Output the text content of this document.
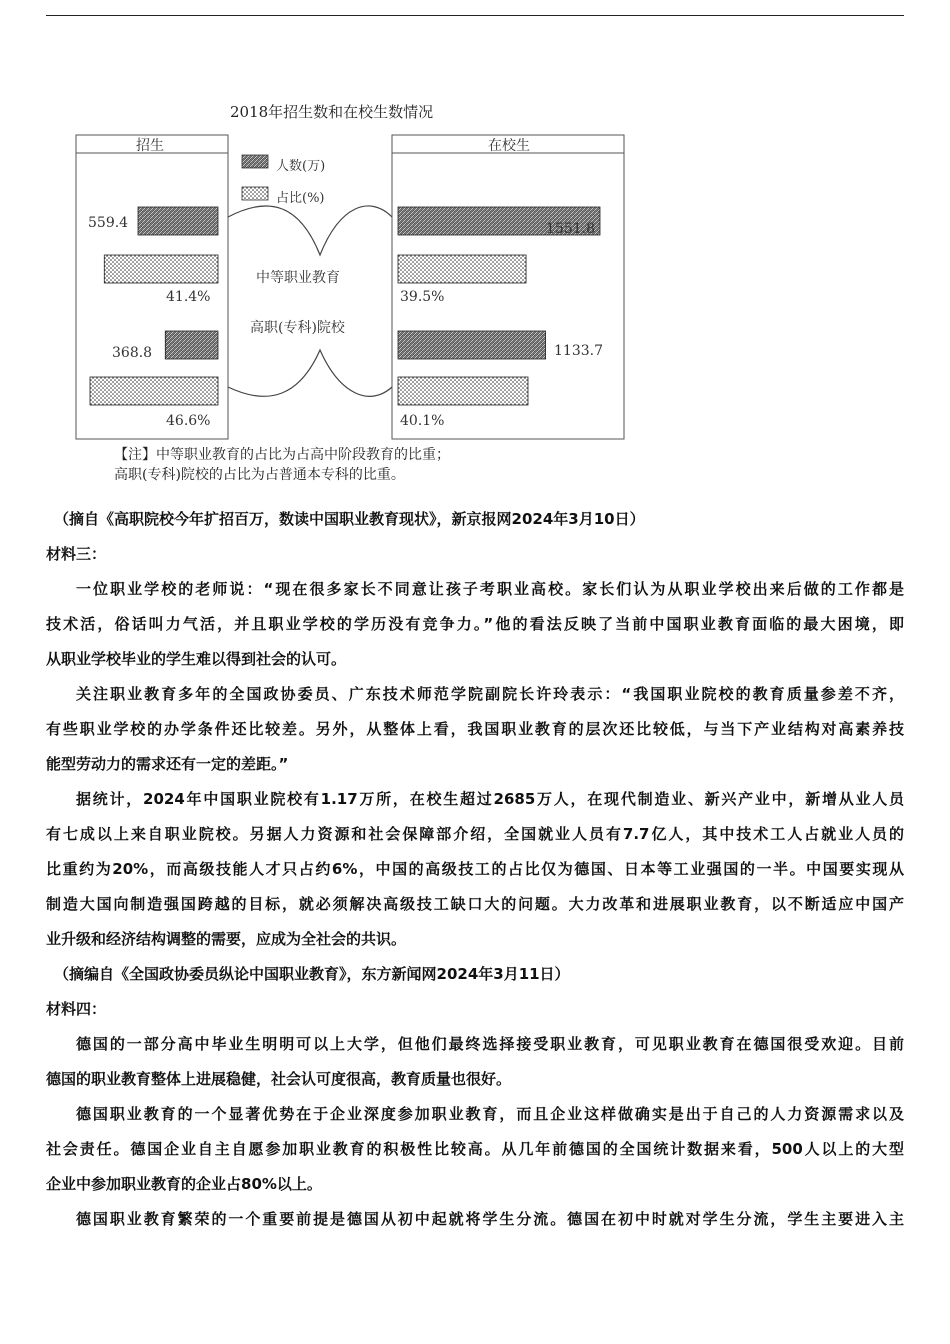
2018年招生数和在校生数情况
招生	在校生
人数(万)
占比(%)
中等职业教育
高职(专科)院校
559.4
41.4%
368.8
46.6%
1551.8
39.5%
1133.7
40.1%
【注】中等职业教育的占比为占高中阶段教育的比重；
高职(专科)院校的占比为占普通本专科的比重。
（摘自《高职院校今年扩招百万，数读中国职业教育现状》，新京报网2024年3月10日）
材料三：
一位职业学校的老师说：“现在很多家长不同意让孩子考职业高校。家长们认为从职业学校出来后做的工作都是
技术活，俗话叫力气活，并且职业学校的学历没有竞争力。”他的看法反映了当前中国职业教育面临的最大困境，即
从职业学校毕业的学生难以得到社会的认可。
关注职业教育多年的全国政协委员、广东技术师范学院副院长许玲表示：“我国职业院校的教育质量参差不齐，
有些职业学校的办学条件还比较差。另外，从整体上看，我国职业教育的层次还比较低，与当下产业结构对高素养技
能型劳动力的需求还有一定的差距。”
据统计，2024年中国职业院校有1.17万所，在校生超过2685万人，在现代制造业、新兴产业中，新增从业人员
有七成以上来自职业院校。另据人力资源和社会保障部介绍，全国就业人员有7.7亿人，其中技术工人占就业人员的
比重约为20%，而高级技能人才只占约6%，中国的高级技工的占比仅为德国、日本等工业强国的一半。中国要实现从
制造大国向制造强国跨越的目标，就必须解决高级技工缺口大的问题。大力改革和进展职业教育，以不断适应中国产
业升级和经济结构调整的需要，应成为全社会的共识。
（摘编自《全国政协委员纵论中国职业教育》，东方新闻网2024年3月11日）
材料四：
德国的一部分高中毕业生明明可以上大学，但他们最终选择接受职业教育，可见职业教育在德国很受欢迎。目前
德国的职业教育整体上进展稳健，社会认可度很高，教育质量也很好。
德国职业教育的一个显著优势在于企业深度参加职业教育，而且企业这样做确实是出于自己的人力资源需求以及
社会责任。德国企业自主自愿参加职业教育的积极性比较高。从几年前德国的全国统计数据来看，500人以上的大型
企业中参加职业教育的企业占80%以上。
德国职业教育繁荣的一个重要前提是德国从初中起就将学生分流。德国在初中时就对学生分流，学生主要进入主
